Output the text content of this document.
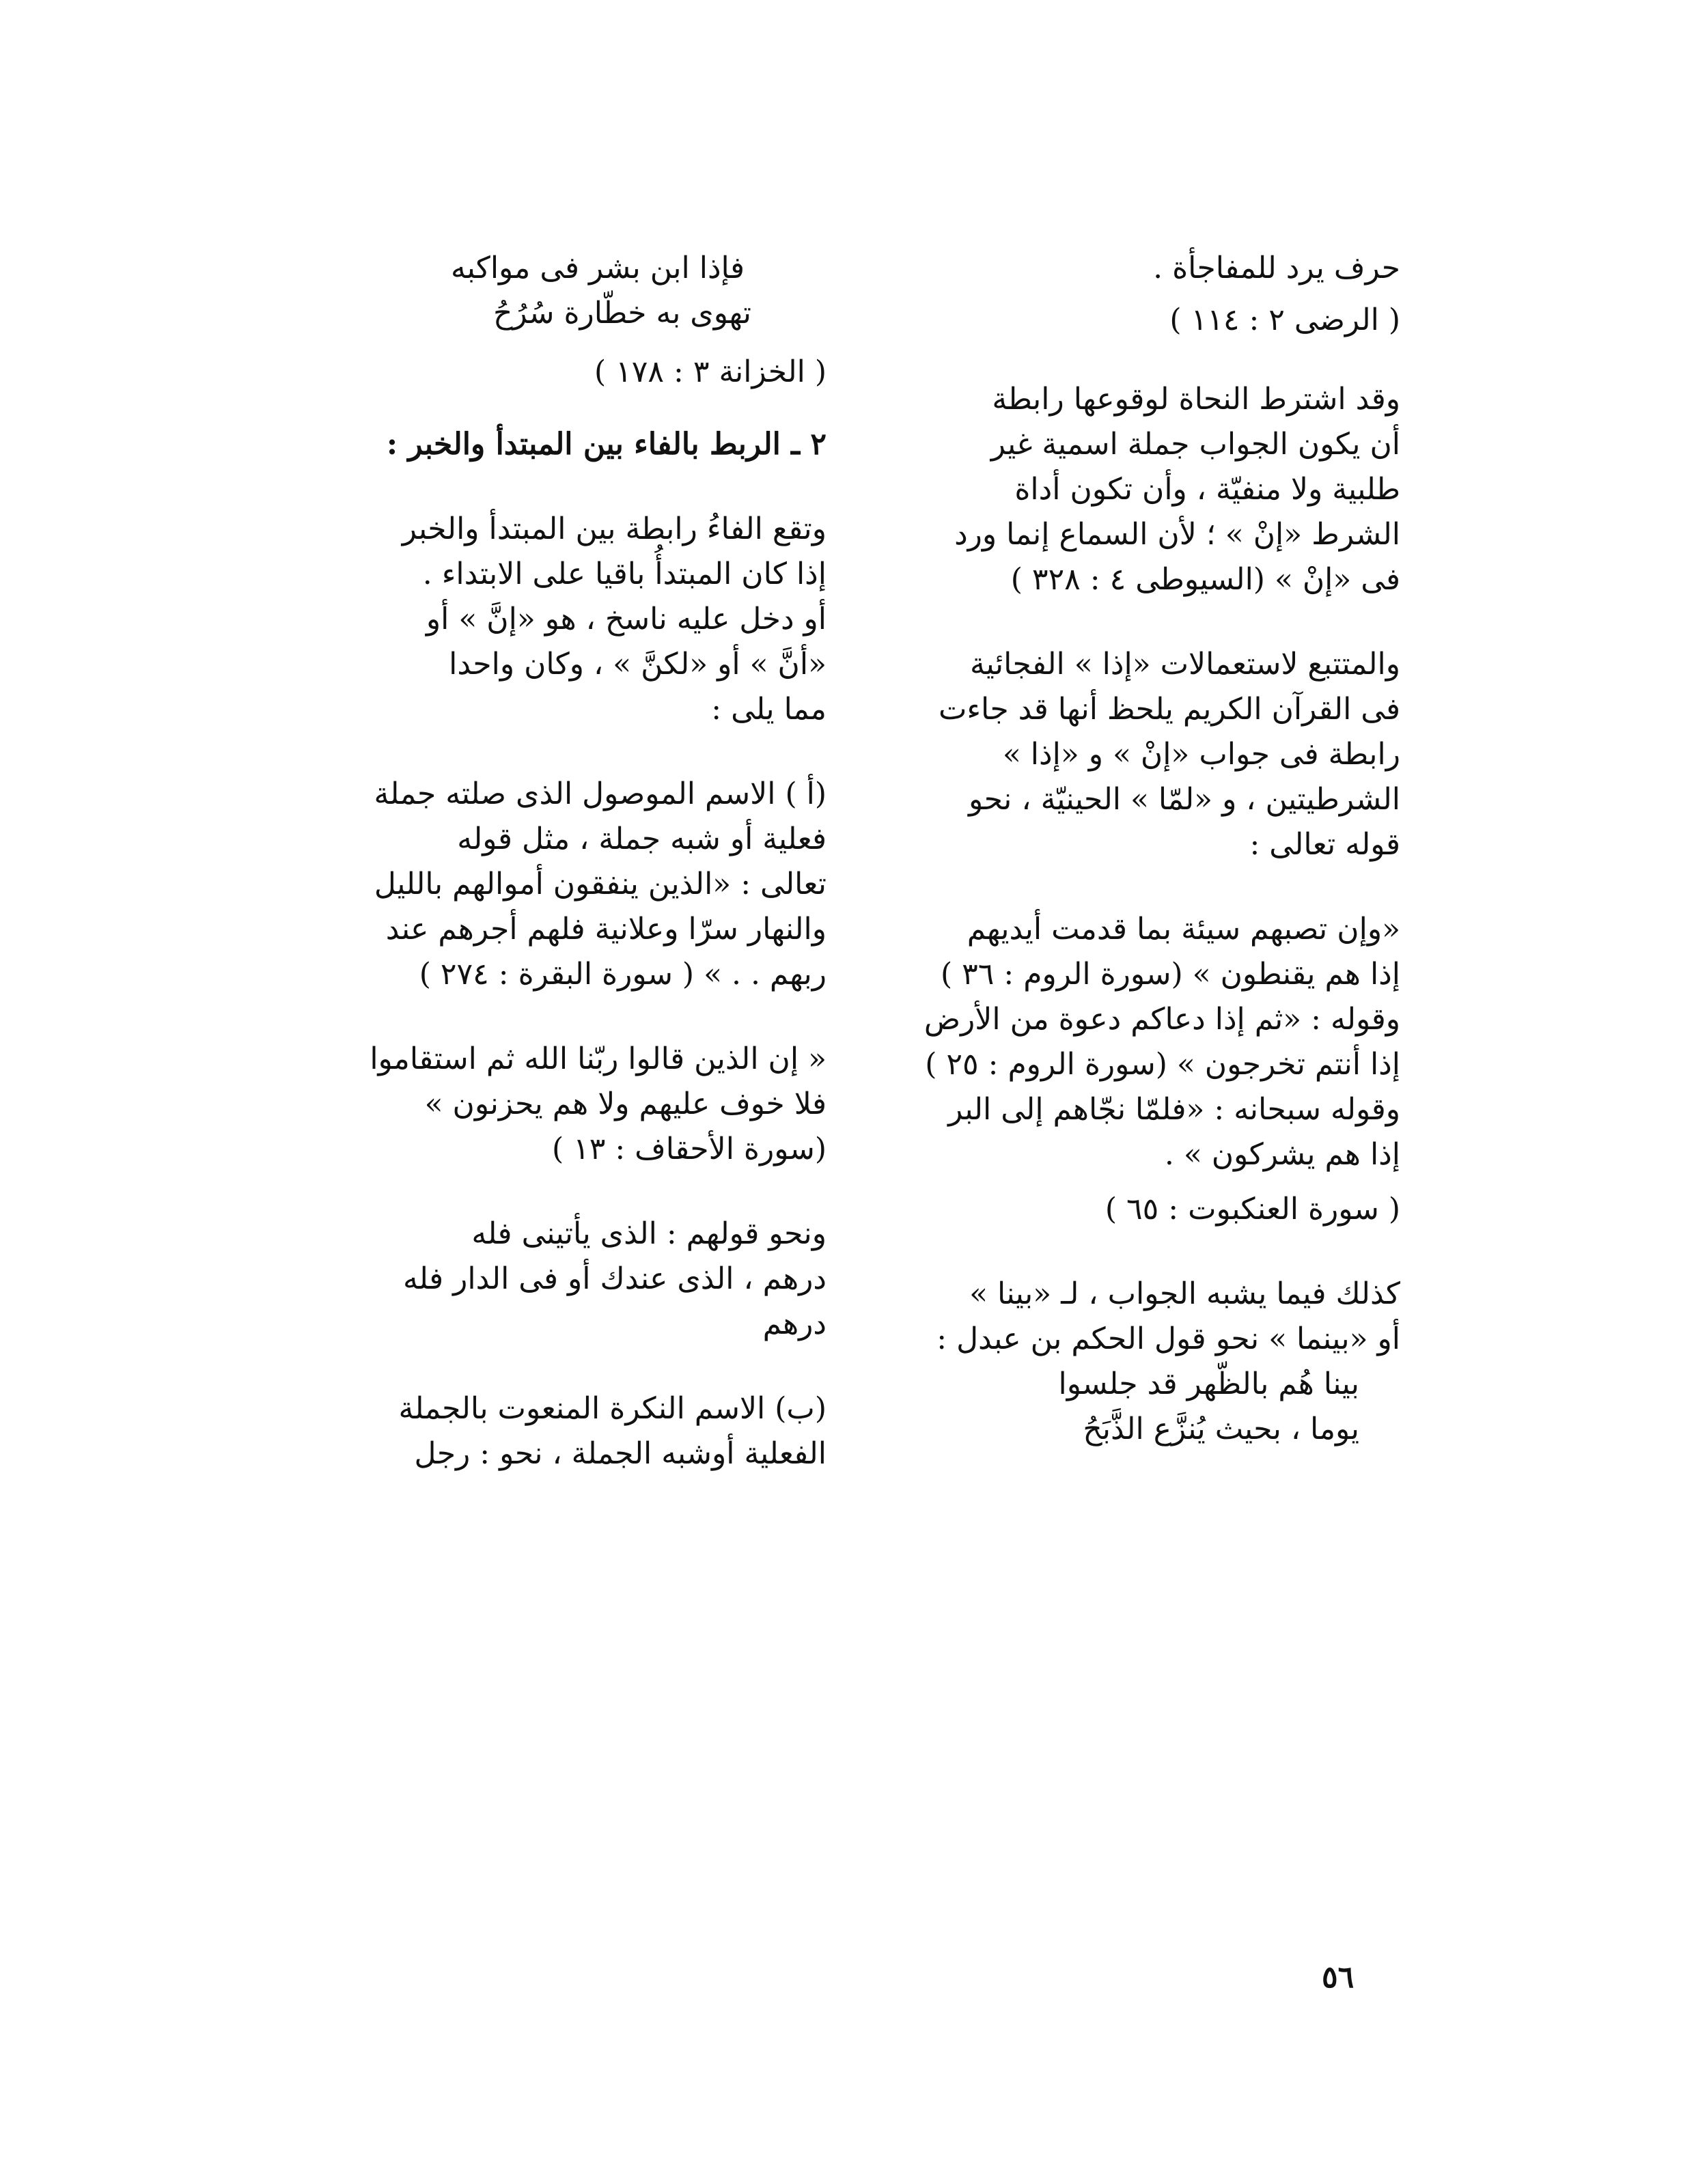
حرف يرد للمفاجأة .
( الرضى ٢ : ١١٤ )
وقد اشترط النحاة لوقوعها رابطة
أن يكون الجواب جملة اسمية غير
طلبية ولا منفيّة ، وأن تكون أداة
الشرط «إنْ » ؛ لأن السماع إنما ورد
فى «إنْ » (السيوطى ٤ : ٣٢٨ )
والمتتبع لاستعمالات «إذا » الفجائية
فى القرآن الكريم يلحظ أنها قد جاءت
رابطة فى جواب «إنْ » و «إذا »
الشرطيتين ، و «لمّا » الحينيّة ، نحو
قوله تعالى :
«وإن تصبهم سيئة بما قدمت أيديهم
إذا هم يقنطون » (سورة الروم : ٣٦ )
وقوله : «ثم إذا دعاكم دعوة من الأرض
إذا أنتم تخرجون » (سورة الروم : ٢٥ )
وقوله سبحانه : «فلمّا نجّاهم إلى البر
إذا هم يشركون » .
( سورة العنكبوت : ٦٥ )
كذلك فيما يشبه الجواب ، لـ «بينا »
أو «بينما » نحو قول الحكم بن عبدل :
بينا هُم بالظّهر قد جلسوا
يوما ، بحيث يُنزَّع الذَّبَحُ
فإذا ابن بشر فى مواكبه
تهوى به خطّارة سُرُحُ
( الخزانة ٣ : ١٧٨ )
٢ ـ الربط بالفاء بين المبتدأ والخبر :
وتقع الفاءُ رابطة بين المبتدأ والخبر
إذا كان المبتدأُ باقيا على الابتداء .
أو دخل عليه ناسخ ، هو «إنَّ » أو
«أنَّ » أو «لكنَّ » ، وكان واحدا
مما يلى :
(أ ) الاسم الموصول الذى صلته جملة
فعلية أو شبه جملة ، مثل قوله
تعالى : «الذين ينفقون أموالهم بالليل
والنهار سرّا وعلانية فلهم أجرهم عند
ربهم . . » ( سورة البقرة : ٢٧٤ )
« إن الذين قالوا ربّنا الله ثم استقاموا
فلا خوف عليهم ولا هم يحزنون »
(سورة الأحقاف : ١٣ )
ونحو قولهم : الذى يأتينى فله
درهم ، الذى عندك أو فى الدار فله
درهم
(ب) الاسم النكرة المنعوت بالجملة
الفعلية أوشبه الجملة ، نحو : رجل
٥٦
